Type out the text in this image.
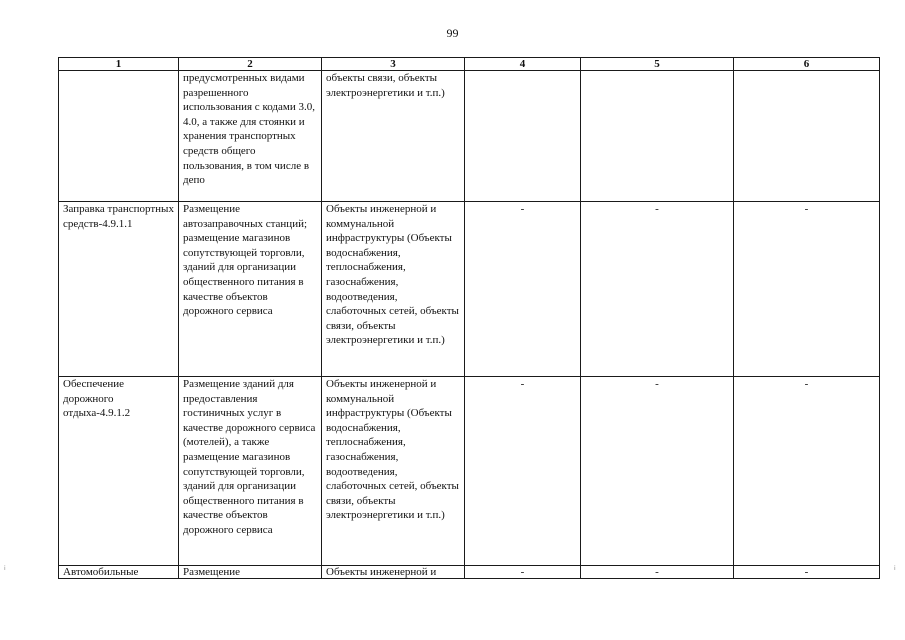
99
1	2	3	4	5	6
	предусмотренных видами разрешенного использования с кодами 3.0, 4.0, а также для стоянки и хранения транспортных средств общего пользования, в том числе в депо	объекты связи, объекты электроэнергетики и т.п.)			
Заправка транспортных средств-4.9.1.1	Размещение автозаправочных станций; размещение магазинов сопутствующей торговли, зданий для организации общественного питания в качестве объектов дорожного сервиса	Объекты инженерной и коммунальной инфраструктуры (Объекты водоснабжения, теплоснабжения, газоснабжения, водоотведения, слаботочных сетей, объекты связи, объекты электроэнергетики и т.п.)	-	-	-
Обеспечение дорожного отдыха-4.9.1.2	Размещение зданий для предоставления гостиничных услуг в качестве дорожного сервиса (мотелей), а также размещение магазинов сопутствующей торговли, зданий для организации общественного питания в качестве объектов дорожного сервиса	Объекты инженерной и коммунальной инфраструктуры (Объекты водоснабжения, теплоснабжения, газоснабжения, водоотведения, слаботочных сетей, объекты связи, объекты электроэнергетики и т.п.)	-	-	-

Автомобильные	Размещение	Объекты инженерной и	-	-	-
⁞	⁞
